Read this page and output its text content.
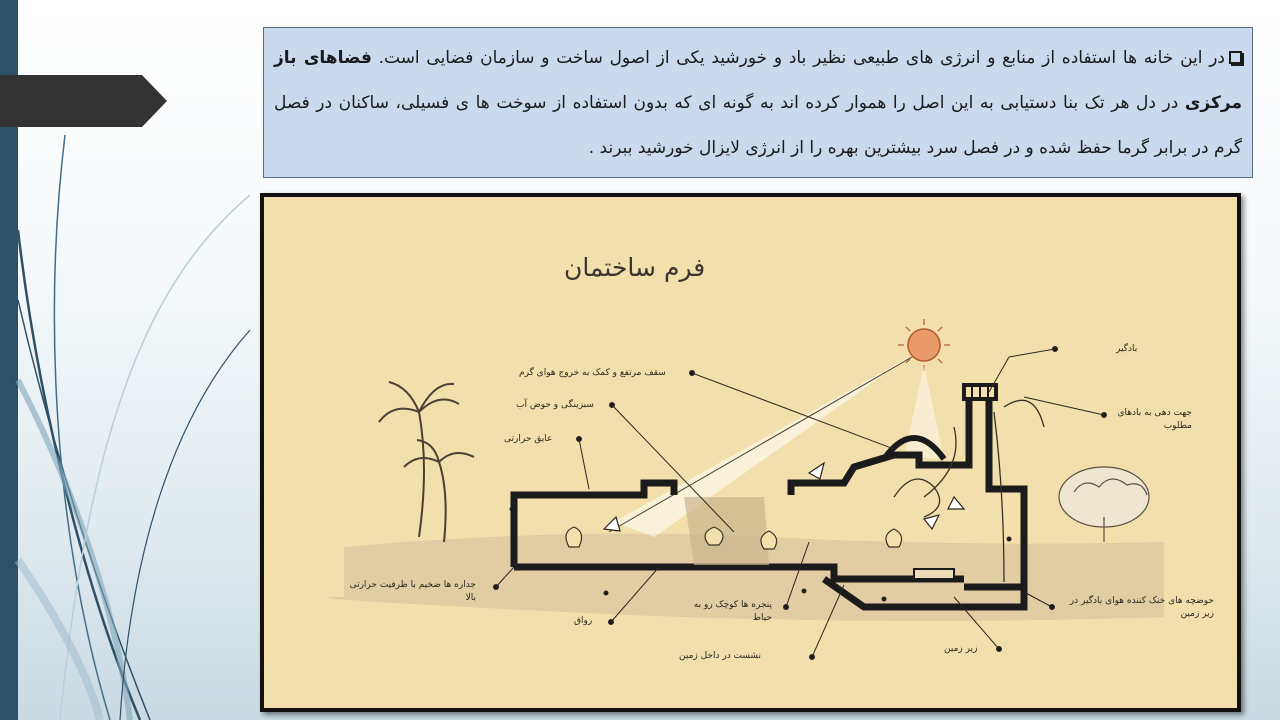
در این خانه ها استفاده از منابع و انرژی های طبیعی نظیر باد و خورشید یکی از اصول ساخت و سازمان فضایی است. فضاهای باز مرکزی در دل هر تک بنا دستیابی به این اصل را هموار کرده اند به گونه ای که بدون استفاده از سوخت ها ی فسیلی، ساکنان در فصل گرم در برابر گرما حفظ شده و در فصل سرد بیشترین بهره را از انرژی لایزال خورشید ببرند .
فرم ساختمان
بادگیر
سقف مرتفع و کمک به خروج هوای گرم
سبزینگی و حوض آب
عایق حرارتی
جهت دهی به بادهای مطلوب
جداره ها ضخیم با ظرفیت حرارتی بالا
رواق
پنجره ها کوچک رو به حیاط
نشست در داخل زمین
زیر زمین
حوضچه های خنک کننده هوای بادگیر در زیر زمین
